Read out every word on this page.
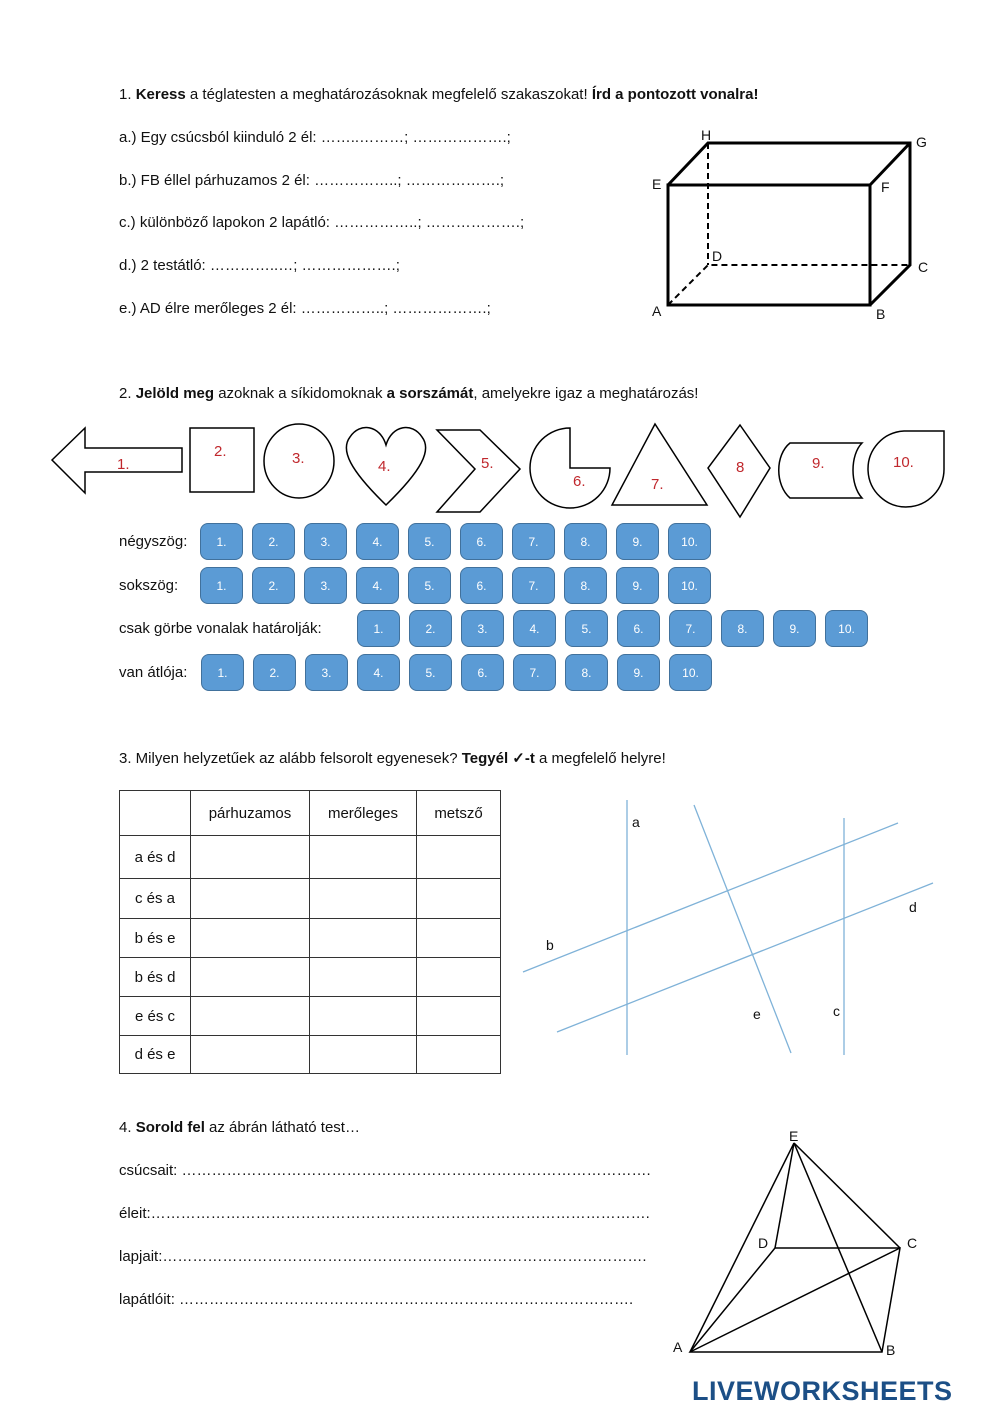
1. Keress a téglatesten a meghatározásoknak megfelelő szakaszokat! Írd a pontozott vonalra!
a.) Egy csúcsból kiinduló 2 él: ……..………; ……………….;
b.) FB éllel párhuzamos 2 él: ……………..; ……………….;
c.) különböző lapokon 2 lapátló: ……………..; ……………….;
d.) 2 testátló: …………..…; ……………….;
e.) AD élre merőleges 2 él: ……………..; ……………….;
H	G
E	F
D
C
A	B
1.
2.	3.	4.	5.
6.	7.
8	9.	10.
a
b
d
e	c
E
D	C
A	B
2. Jelöld meg azoknak a síkidomoknak a sorszámát, amelyekre igaz a meghatározás!
négyszög:	1.	2.	3.	4.	5.	6.	7.	8.	9.	10.
sokszög:	1.	2.	3.	4.	5.	6.	7.	8.	9.	10.
csak görbe vonalak határolják:	1.	2.	3.	4.	5.	6.	7.	8.	9.	10.
van átlója:	1.	2.	3.	4.	5.	6.	7.	8.	9.	10.
3. Milyen helyzetűek az alább felsorolt egyenesek? Tegyél ✓-t a megfelelő helyre!
	párhuzamos	merőleges	metsző
a és d			
c és a			
b és e			
b és d			
e és c			
d és e			
4. Sorold fel az ábrán látható test…
csúcsait: ………………………………………………………………………………….
éleit:……………………………………………………………………………………….
lapjait:…………………………………………………………………………………….
lapátlóit: ……………………………………………………………………………….
LIVEWORKSHEETS
